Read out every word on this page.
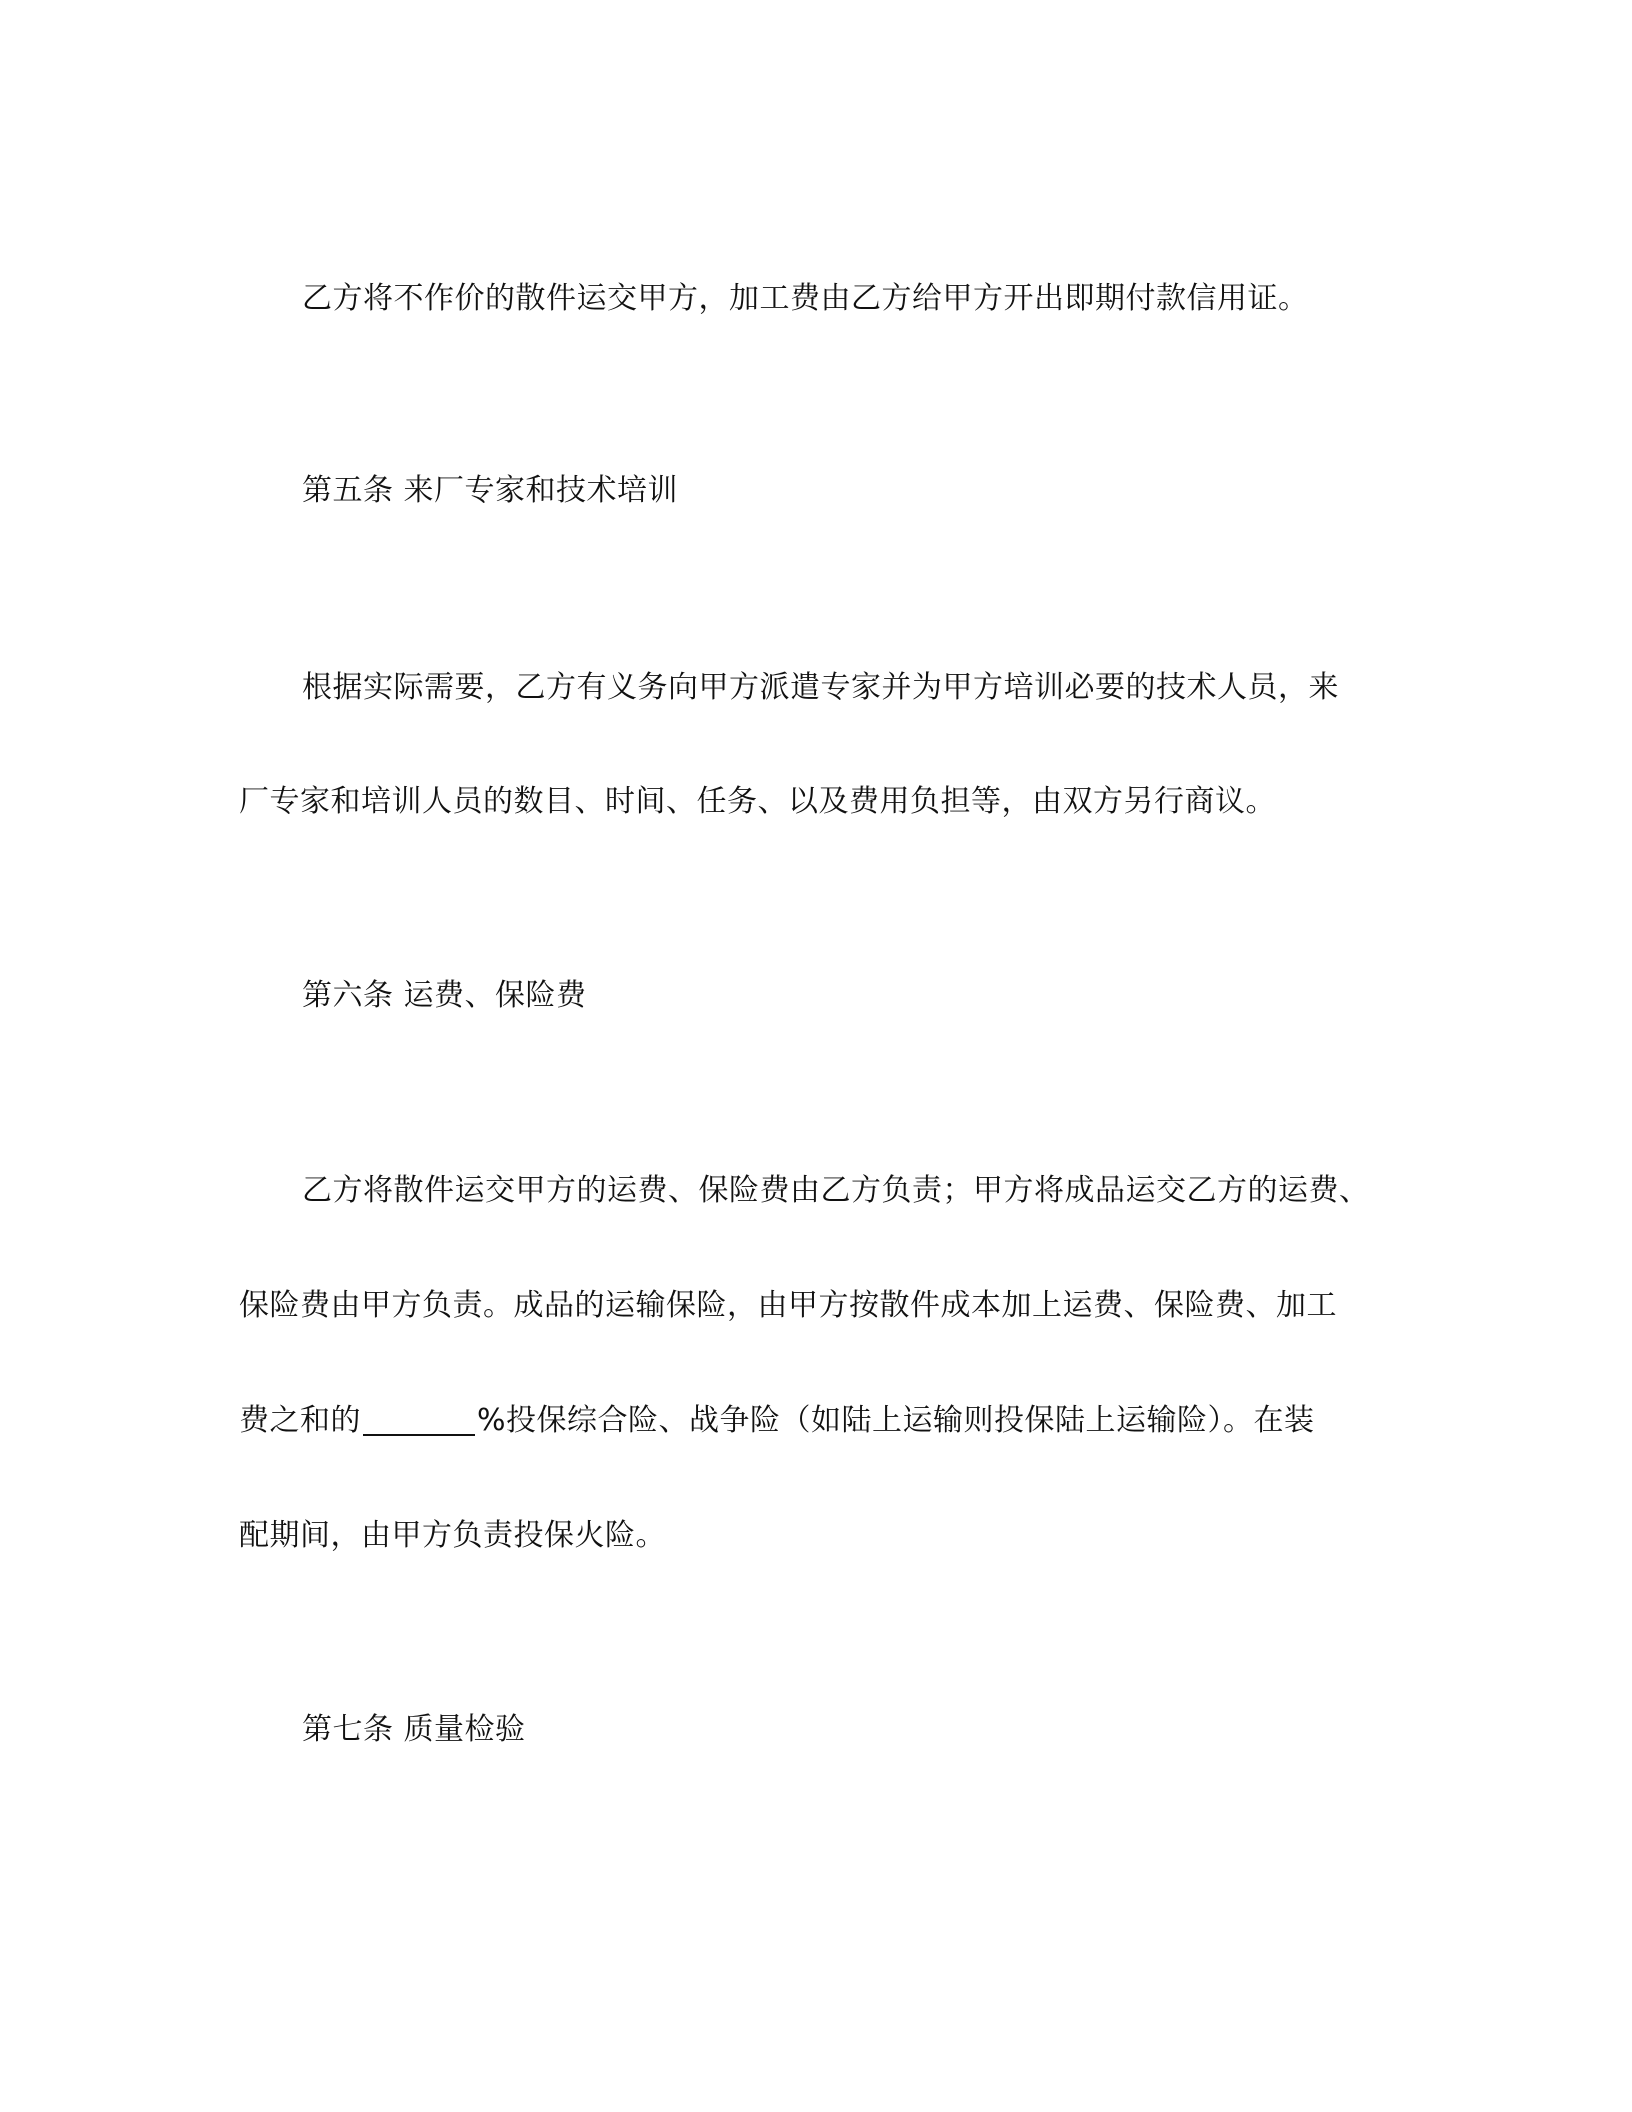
乙方将不作价的散件运交甲方，加工费由乙方给甲方开出即期付款信用证。
第五条 来厂专家和技术培训
根据实际需要，乙方有义务向甲方派遣专家并为甲方培训必要的技术人员，来
厂专家和培训人员的数目、时间、任务、以及费用负担等，由双方另行商议。
第六条 运费、保险费
乙方将散件运交甲方的运费、保险费由乙方负责；甲方将成品运交乙方的运费、
保险费由甲方负责。成品的运输保险，由甲方按散件成本加上运费、保险费、加工
费之和的	%投保综合险、战争险（如陆上运输则投保陆上运输险）。在装
配期间，由甲方负责投保火险。
第七条 质量检验
